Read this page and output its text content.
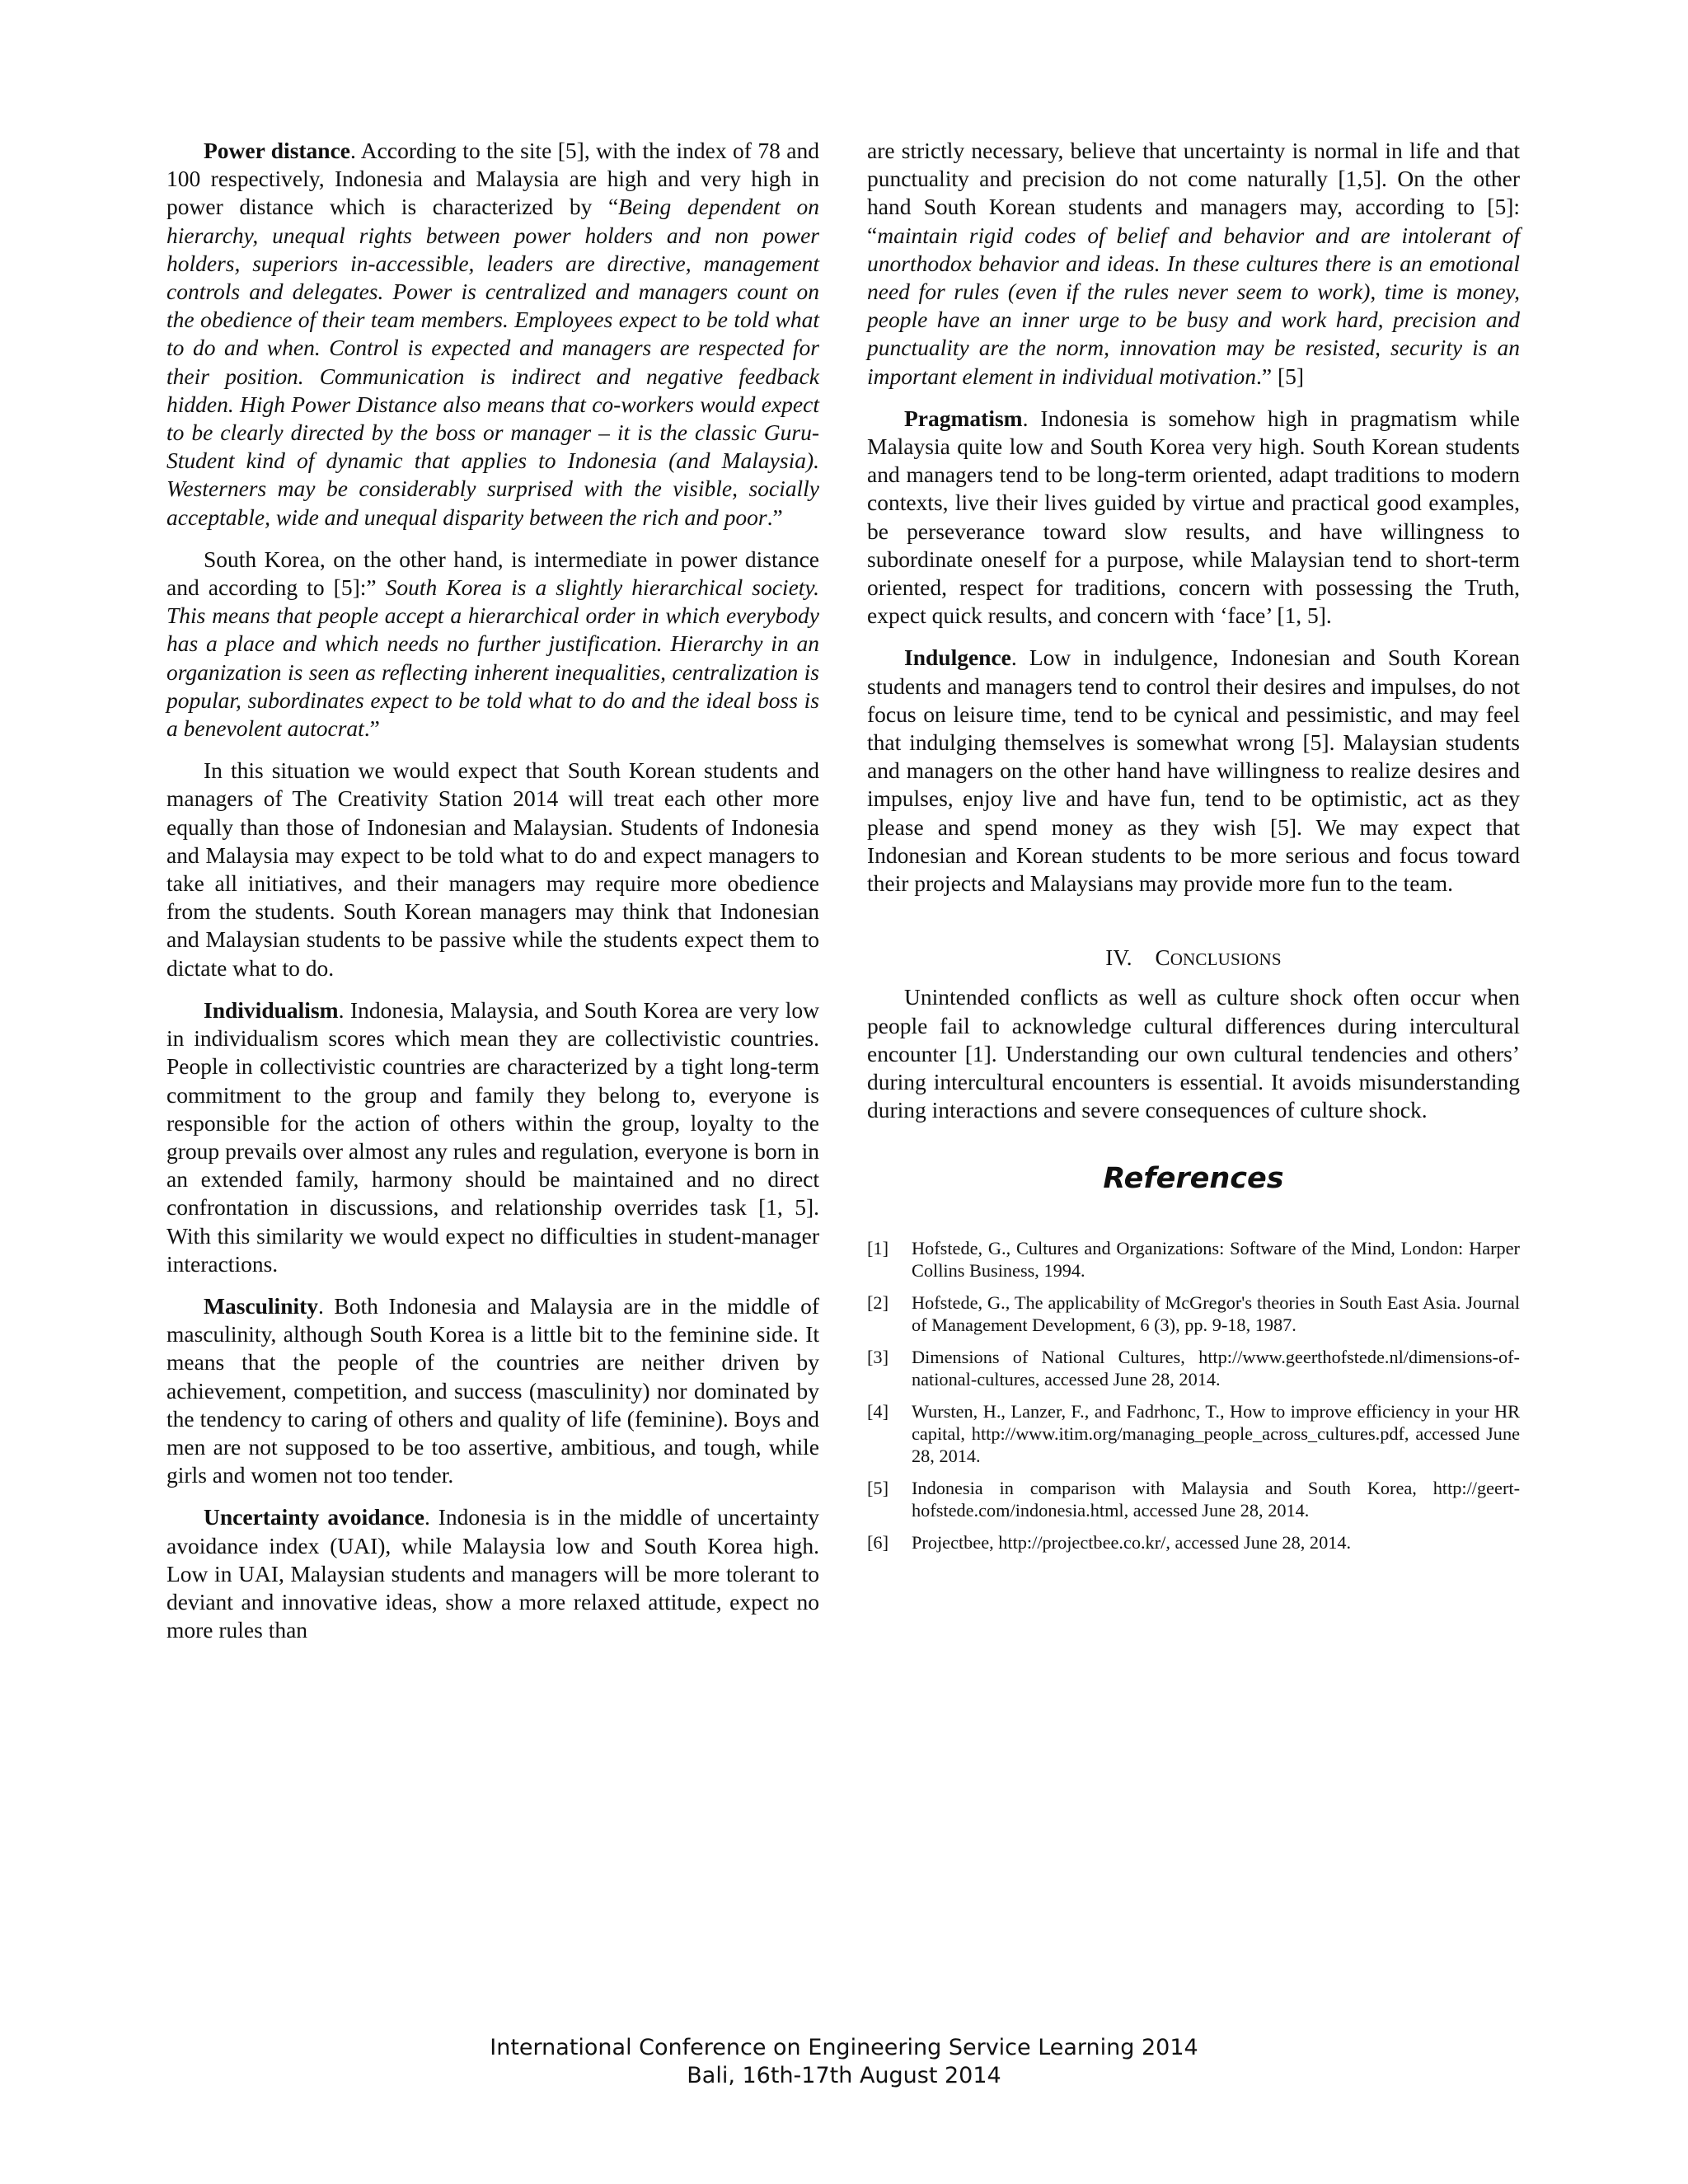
Power distance. According to the site [5], with the index of 78 and 100 respectively, Indonesia and Malaysia are high and very high in power distance which is characterized by “Being dependent on hierarchy, unequal rights between power holders and non power holders, superiors in-accessible, leaders are directive, management controls and delegates. Power is centralized and managers count on the obedience of their team members. Employees expect to be told what to do and when. Control is expected and managers are respected for their position. Communication is indirect and negative feedback hidden. High Power Distance also means that co-workers would expect to be clearly directed by the boss or manager – it is the classic Guru-Student kind of dynamic that applies to Indonesia (and Malaysia). Westerners may be considerably surprised with the visible, socially acceptable, wide and unequal disparity between the rich and poor.”

South Korea, on the other hand, is intermediate in power distance and according to [5]:” South Korea is a slightly hierarchical society. This means that people accept a hierarchical order in which everybody has a place and which needs no further justification. Hierarchy in an organization is seen as reflecting inherent inequalities, centralization is popular, subordinates expect to be told what to do and the ideal boss is a benevolent autocrat.”

In this situation we would expect that South Korean students and managers of The Creativity Station 2014 will treat each other more equally than those of Indonesian and Malaysian. Students of Indonesia and Malaysia may expect to be told what to do and expect managers to take all initiatives, and their managers may require more obedience from the students. South Korean managers may think that Indonesian and Malaysian students to be passive while the students expect them to dictate what to do.

Individualism. Indonesia, Malaysia, and South Korea are very low in individualism scores which mean they are collectivistic countries. People in collectivistic countries are characterized by a tight long-term commitment to the group and family they belong to, everyone is responsible for the action of others within the group, loyalty to the group prevails over almost any rules and regulation, everyone is born in an extended family, harmony should be maintained and no direct confrontation in discussions, and relationship overrides task [1, 5]. With this similarity we would expect no difficulties in student-manager interactions.

Masculinity. Both Indonesia and Malaysia are in the middle of masculinity, although South Korea is a little bit to the feminine side. It means that the people of the countries are neither driven by achievement, competition, and success (masculinity) nor dominated by the tendency to caring of others and quality of life (feminine). Boys and men are not supposed to be too assertive, ambitious, and tough, while girls and women not too tender.

Uncertainty avoidance. Indonesia is in the middle of uncertainty avoidance index (UAI), while Malaysia low and South Korea high. Low in UAI, Malaysian students and managers will be more tolerant to deviant and innovative ideas, show a more relaxed attitude, expect no more rules than

are strictly necessary, believe that uncertainty is normal in life and that punctuality and precision do not come naturally [1,5]. On the other hand South Korean students and managers may, according to [5]: “maintain rigid codes of belief and behavior and are intolerant of unorthodox behavior and ideas. In these cultures there is an emotional need for rules (even if the rules never seem to work), time is money, people have an inner urge to be busy and work hard, precision and punctuality are the norm, innovation may be resisted, security is an important element in individual motivation.” [5]

Pragmatism. Indonesia is somehow high in pragmatism while Malaysia quite low and South Korea very high. South Korean students and managers tend to be long-term oriented, adapt traditions to modern contexts, live their lives guided by virtue and practical good examples, be perseverance toward slow results, and have willingness to subordinate oneself for a purpose, while Malaysian tend to short-term oriented, respect for traditions, concern with possessing the Truth, expect quick results, and concern with ‘face’ [1, 5].

Indulgence. Low in indulgence, Indonesian and South Korean students and managers tend to control their desires and impulses, do not focus on leisure time, tend to be cynical and pessimistic, and may feel that indulging themselves is somewhat wrong [5]. Malaysian students and managers on the other hand have willingness to realize desires and impulses, enjoy live and have fun, tend to be optimistic, act as they please and spend money as they wish [5]. We may expect that Indonesian and Korean students to be more serious and focus toward their projects and Malaysians may provide more fun to the team.

IV. CONCLUSIONS

Unintended conflicts as well as culture shock often occur when people fail to acknowledge cultural differences during intercultural encounter [1]. Understanding our own cultural tendencies and others’ during intercultural encounters is essential. It avoids misunderstanding during interactions and severe consequences of culture shock.

References
[1]	Hofstede, G., Cultures and Organizations: Software of the Mind, London: Harper Collins Business, 1994.
[2]	Hofstede, G., The applicability of McGregor's theories in South East Asia. Journal of Management Development, 6 (3), pp. 9-18, 1987.
[3]	Dimensions of National Cultures, http://www.geerthofstede.nl/dimensions-of-national-cultures, accessed June 28, 2014.
[4]	Wursten, H., Lanzer, F., and Fadrhonc, T., How to improve efficiency in your HR capital, http://www.itim.org/managing_people_across_cultures.pdf, accessed June 28, 2014.
[5]	Indonesia in comparison with Malaysia and South Korea, http://geert-hofstede.com/indonesia.html, accessed June 28, 2014.
[6]	Projectbee, http://projectbee.co.kr/, accessed June 28, 2014.
International Conference on Engineering Service Learning 2014
Bali, 16th-17th August 2014
